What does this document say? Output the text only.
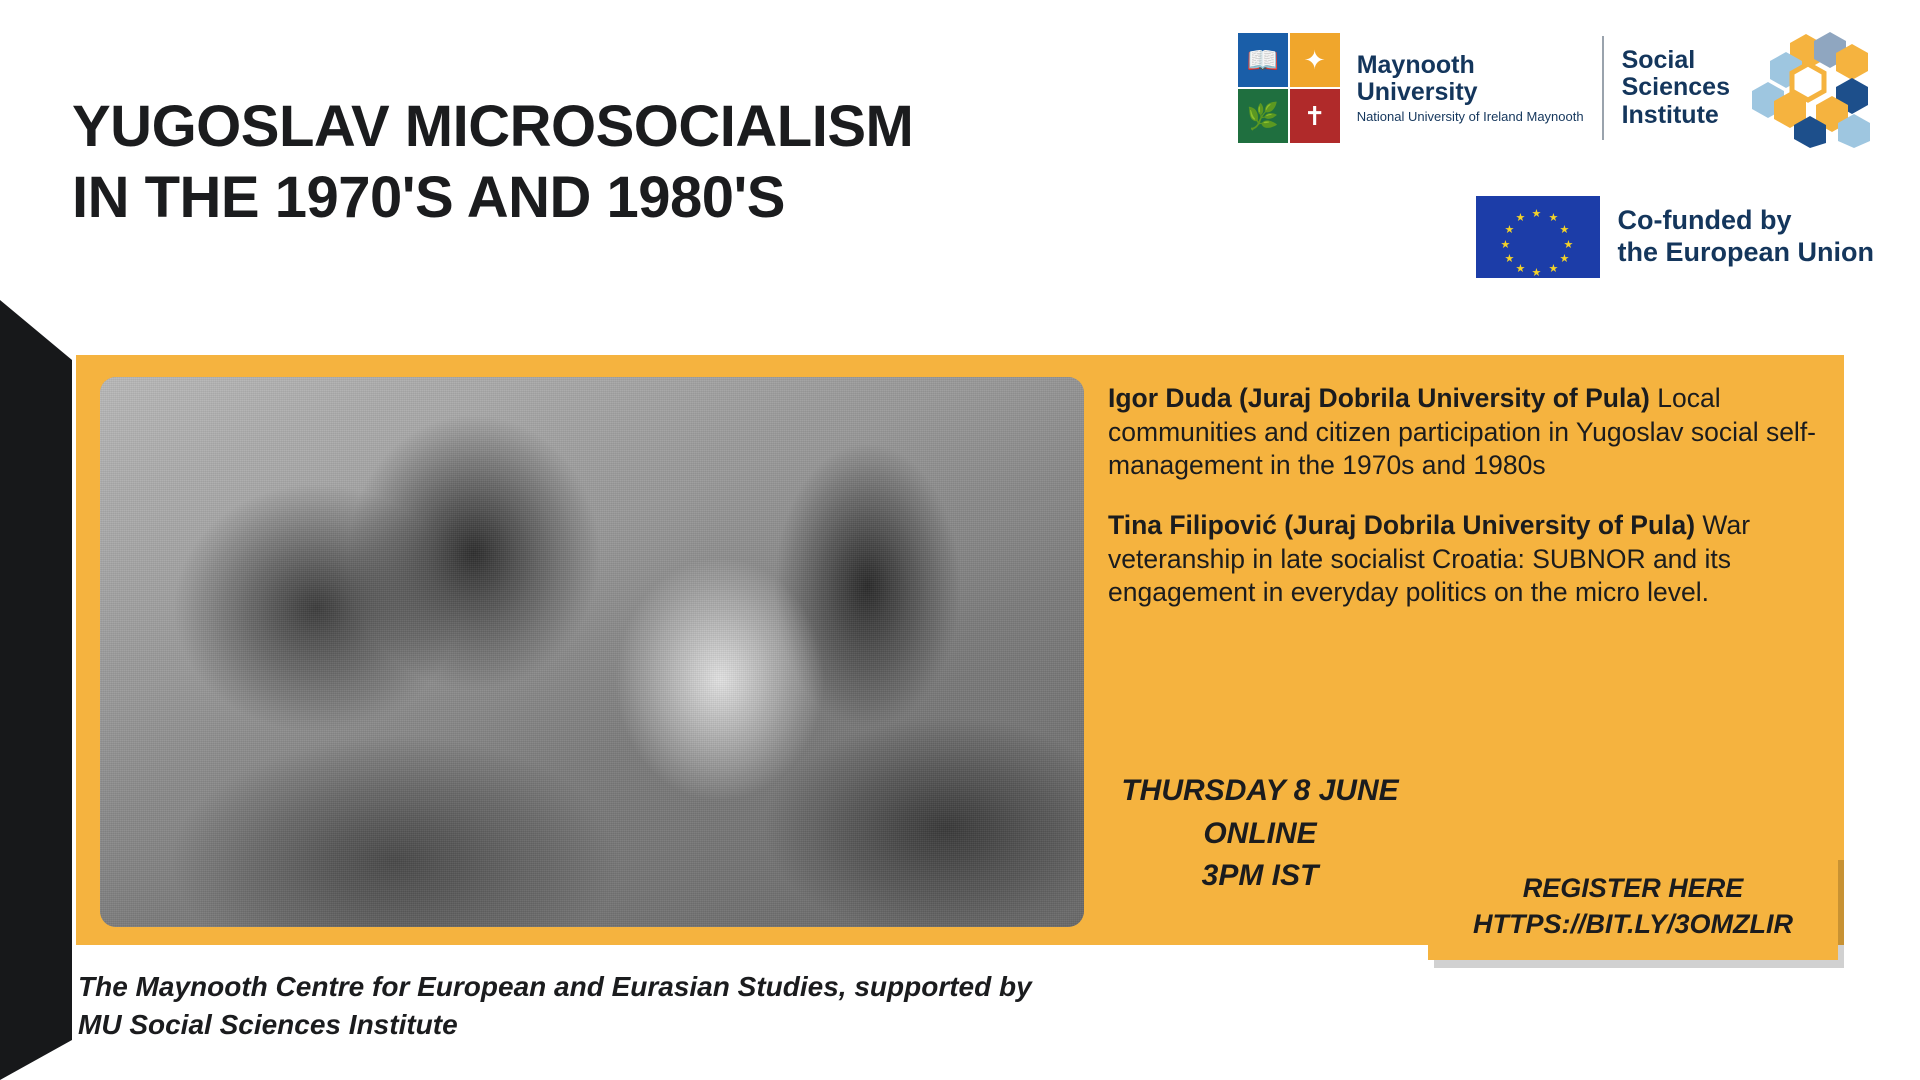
YUGOSLAV MICROSOCIALISM
IN THE 1970'S AND 1980'S
📖 ✦
🌿 ✝
Maynooth
University
National University of Ireland Maynooth
Social
Sciences
Institute
★ ★
★
★
★
★
★
★
★
★
★
★	Co-funded by
the European Union

Igor Duda (Juraj Dobrila University of Pula) Local communities and citizen participation in Yugoslav social self-management in the 1970s and 1980s

Tina Filipović (Juraj Dobrila University of Pula) War veteranship in late socialist Croatia: SUBNOR and its engagement in everyday politics on the micro level.

THURSDAY 8 JUNE
ONLINE
3PM IST	REGISTER HERE
HTTPS://BIT.LY/3OMZLIR
The Maynooth Centre for European and Eurasian Studies, supported by
MU Social Sciences Institute
